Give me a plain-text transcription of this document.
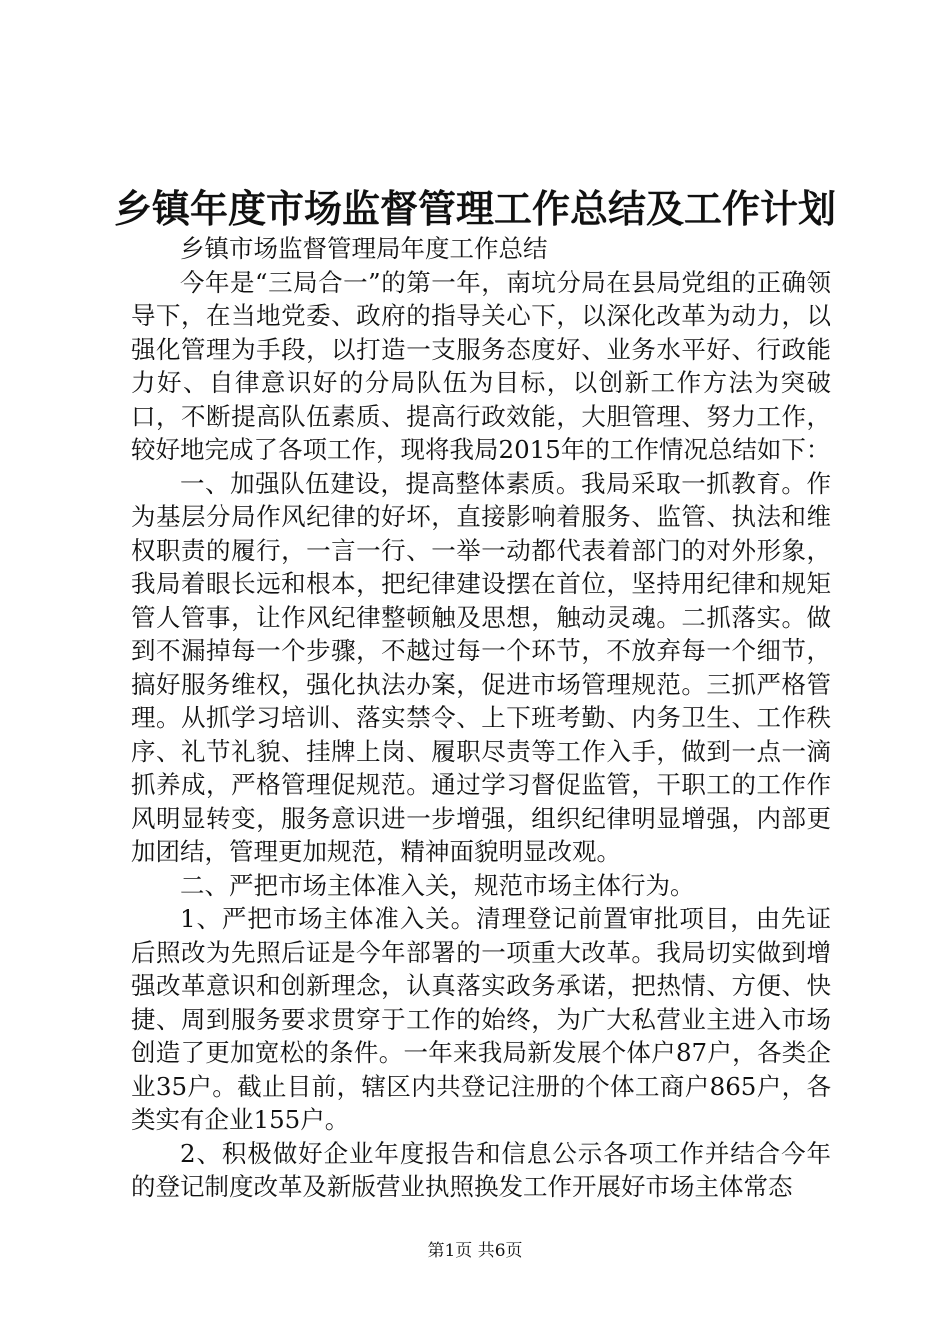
乡镇年度市场监督管理工作总结及工作计划

乡镇市场监督管理局年度工作总结

今年是“三局合一”的第一年，南坑分局在县局党组的正确领导下，在当地党委、政府的指导关心下，以深化改革为动力，以强化管理为手段，以打造一支服务态度好、业务水平好、行政能力好、自律意识好的分局队伍为目标，以创新工作方法为突破口，不断提高队伍素质、提高行政效能，大胆管理、努力工作，较好地完成了各项工作，现将我局2015年的工作情况总结如下：

一、加强队伍建设，提高整体素质。我局采取一抓教育。作为基层分局作风纪律的好坏，直接影响着服务、监管、执法和维权职责的履行，一言一行、一举一动都代表着部门的对外形象，我局着眼长远和根本，把纪律建设摆在首位，坚持用纪律和规矩管人管事，让作风纪律整顿触及思想，触动灵魂。二抓落实。做到不漏掉每一个步骤，不越过每一个环节，不放弃每一个细节，搞好服务维权，强化执法办案，促进市场管理规范。三抓严格管理。从抓学习培训、落实禁令、上下班考勤、内务卫生、工作秩序、礼节礼貌、挂牌上岗、履职尽责等工作入手，做到一点一滴抓养成，严格管理促规范。通过学习督促监管，干职工的工作作风明显转变，服务意识进一步增强，组织纪律明显增强，内部更加团结，管理更加规范，精神面貌明显改观。

二、严把市场主体准入关，规范市场主体行为。

1、严把市场主体准入关。清理登记前置审批项目，由先证后照改为先照后证是今年部署的一项重大改革。我局切实做到增强改革意识和创新理念，认真落实政务承诺，把热情、方便、快捷、周到服务要求贯穿于工作的始终，为广大私营业主进入市场创造了更加宽松的条件。一年来我局新发展个体户87户，各类企业35户。截止目前，辖区内共登记注册的个体工商户865户，各类实有企业155户。

2、积极做好企业年度报告和信息公示各项工作并结合今年的登记制度改革及新版营业执照换发工作开展好市场主体常态

第1页 共6页
